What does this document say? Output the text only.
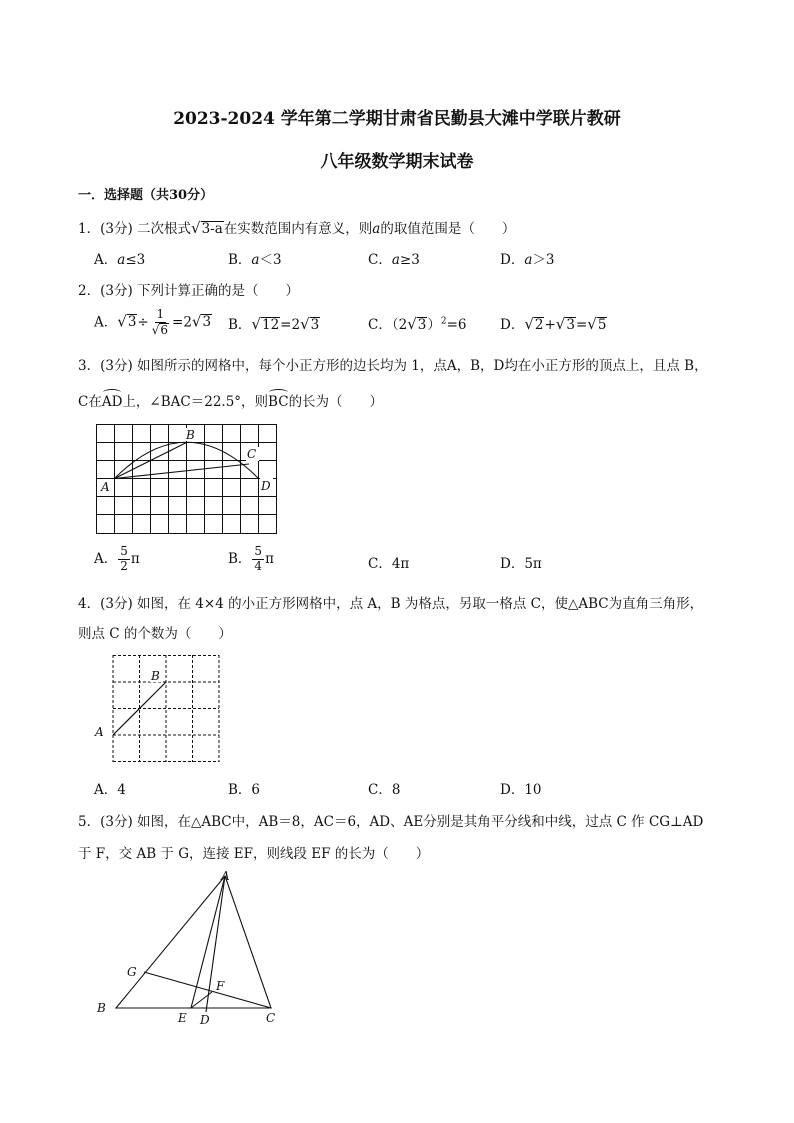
2023-2024 学年第二学期甘肃省民勤县大滩中学联片教研
八年级数学期末试卷
一．选择题（共30分）
1．(3分) 二次根式√3-a在实数范围内有意义，则a的取值范围是（　　）
A．a≤3	B．a＜3	C．a≥3	D．a＞3
2．(3分) 下列计算正确的是（　　）
A．$√3\div \frac{1}{√6} =2√3$ B．√12=2√3	C．$(2√3)^2=6$ D．√2+√3=√5
3．(3分) 如图所示的网格中，每个小正方形的边长均为 1，点A，B，D均在小正方形的顶点上，且点 B，
C在AD上，∠BAC＝22.5°，则BC的长为（　　）
A
B
C
D
A． $\frac{5}{2}$ π	B． $\frac{5}{4}$ π	C．4π	D．5π
4．(3分) 如图，在 4×4 的小正方形网格中，点 A，B 为格点，另取一格点 C，使△ABC为直角三角形，
则点 C 的个数为（　　）
A
B
A．4	B．6	C．8	D．10
5．(3分) 如图，在△ABC中，AB＝8，AC＝6，AD、AE分别是其角平分线和中线，过点 C 作 CG⊥AD
于 F，交 AB 于 G，连接 EF，则线段 EF 的长为（　　）
A
B
C
D
E
F
G
